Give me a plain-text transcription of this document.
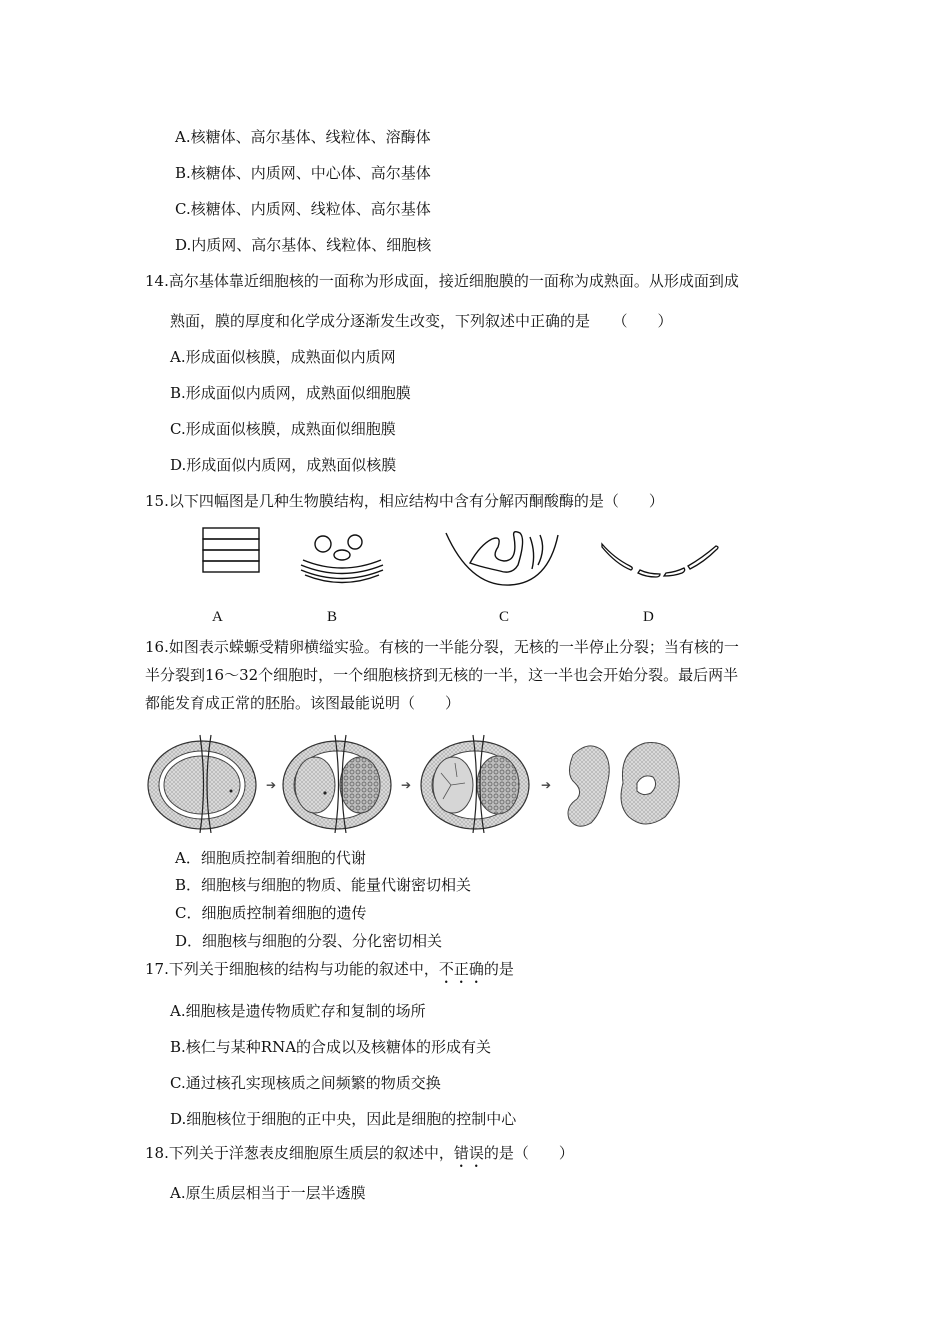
A.核糖体、高尔基体、线粒体、溶酶体
B.核糖体、内质网、中心体、高尔基体
C.核糖体、内质网、线粒体、高尔基体
D.内质网、高尔基体、线粒体、细胞核
14.高尔基体靠近细胞核的一面称为形成面，接近细胞膜的一面称为成熟面。从形成面到成
熟面，膜的厚度和化学成分逐渐发生改变，下列叙述中正确的是　　（　　）
A.形成面似核膜，成熟面似内质网
B.形成面似内质网，成熟面似细胞膜
C.形成面似核膜，成熟面似细胞膜
D.形成面似内质网，成熟面似核膜
15.以下四幅图是几种生物膜结构，相应结构中含有分解丙酮酸酶的是（　　）
A	B	C	D
16.如图表示蝾螈受精卵横缢实验。有核的一半能分裂，无核的一半停止分裂；当有核的一
半分裂到16～32个细胞时，一个细胞核挤到无核的一半，这一半也会开始分裂。最后两半
都能发育成正常的胚胎。该图最能说明（　　）
➔	➔	➔
A．细胞质控制着细胞的代谢
B．细胞核与细胞的物质、能量代谢密切相关
C．细胞质控制着细胞的遗传
D．细胞核与细胞的分裂、分化密切相关
17.下列关于细胞核的结构与功能的叙述中，不正确的是
A.细胞核是遗传物质贮存和复制的场所
B.核仁与某种RNA的合成以及核糖体的形成有关
C.通过核孔实现核质之间频繁的物质交换
D.细胞核位于细胞的正中央，因此是细胞的控制中心
18.下列关于洋葱表皮细胞原生质层的叙述中，错误的是（　　）
A.原生质层相当于一层半透膜
